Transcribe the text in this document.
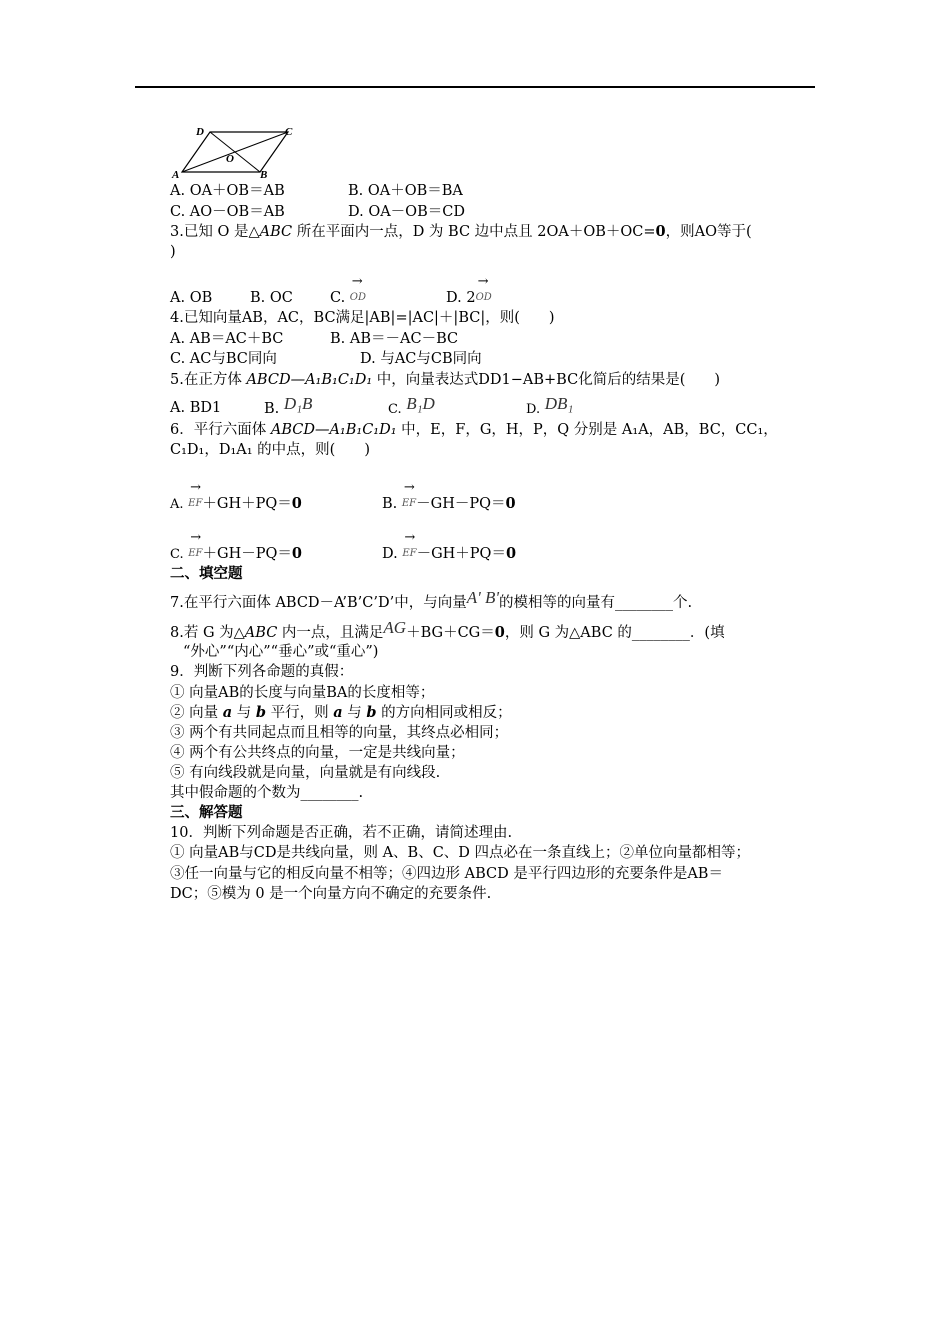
D	C
A	B
O
A. OA＋OB＝AB	B. OA＋OB＝BA
C. AO－OB＝AB	D. OA－OB＝CD
3.已知 O 是△ABC 所在平面内一点，D 为 BC 边中点且 2OA＋OB＋OC=0，则AO等于(
)
A. OB	B. OC	C.
→
OD	D. 2
→
OD
4.已知向量AB，AC，BC满足|AB|=|AC|＋|BC|，则(　　)
A. AB＝AC＋BC	B. AB＝－AC－BC
C. AC与BC同向	D. 与AC与CB同向
5.在正方体 ABCD—A₁B₁C₁D₁ 中，向量表达式DD1−AB+BC化简后的结果是(　　)
A. BD1	B. D₁B	C. B₁D	D. DB₁
6．平行六面体 ABCD—A₁B₁C₁D₁ 中，E，F，G，H，P，Q 分别是 A₁A，AB，BC，CC₁，
C₁D₁，D₁A₁ 的中点，则(　　)
A.
→
EF＋GH＋PQ＝0	B.
→
EF－GH－PQ＝0
C.
→
EF＋GH－PQ＝0	D.
→
EF－GH＋PQ＝0
二、填空题
7.在平行六面体 ABCD－A’B’C’D’中，与向量A' B'的模相等的向量有________个.
8.若 G 为△ABC 内一点，且满足AG＋BG＋CG＝0，则 G 为△ABC 的________．(填
“外心”“内心”“垂心”或“重心”)
9．判断下列各命题的真假：
① 向量AB的长度与向量BA的长度相等；
② 向量 a 与 b 平行，则 a 与 b 的方向相同或相反；
③ 两个有共同起点而且相等的向量，其终点必相同；
④ 两个有公共终点的向量，一定是共线向量；
⑤ 有向线段就是向量，向量就是有向线段.
其中假命题的个数为________.
三、解答题
10．判断下列命题是否正确，若不正确，请简述理由.
① 向量AB与CD是共线向量，则 A、B、C、D 四点必在一条直线上；②单位向量都相等；
③任一向量与它的相反向量不相等；④四边形 ABCD 是平行四边形的充要条件是AB＝
DC；⑤模为 0 是一个向量方向不确定的充要条件.
